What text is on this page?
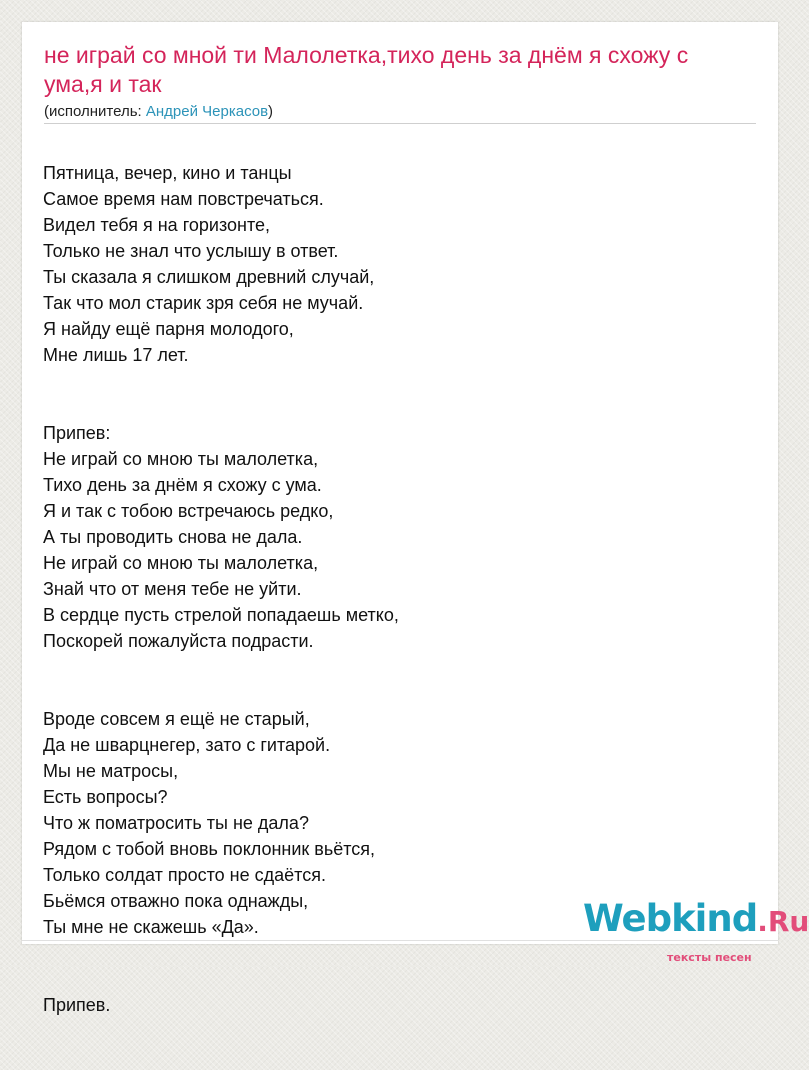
не играй со мной ти Малолетка,тихо день за днём я схожу с ума,я и так
(исполнитель: Андрей Черкасов)

Пятница, вечер, кино и танцы
Самое время нам повстречаться.
Видел тебя я на горизонте,
Только не знал что услышу в ответ.
Ты сказала я слишком древний случай,
Так что мол старик зря себя не мучай.
Я найду ещё парня молодого,
Мне лишь 17 лет.

Припев:
Не играй со мною ты малолетка,
Тихо день за днём я схожу с ума.
Я и так с тобою встречаюсь редко,
А ты проводить снова не дала.
Не играй со мною ты малолетка,
Знай что от меня тебе не уйти.
В сердце пусть стрелой попадаешь метко,
Поскорей пожалуйста подрасти.

Вроде совсем я ещё не старый,
Да не шварцнегер, зато с гитарой.
Мы не матросы,
Есть вопросы?
Что ж поматросить ты не дала?
Рядом с тобой вновь поклонник вьётся,
Только солдат просто не сдаётся.
Бьёмся отважно пока однажды,
Ты мне не скажешь «Да».

Припев.

Webkind.Ru
тексты песен
